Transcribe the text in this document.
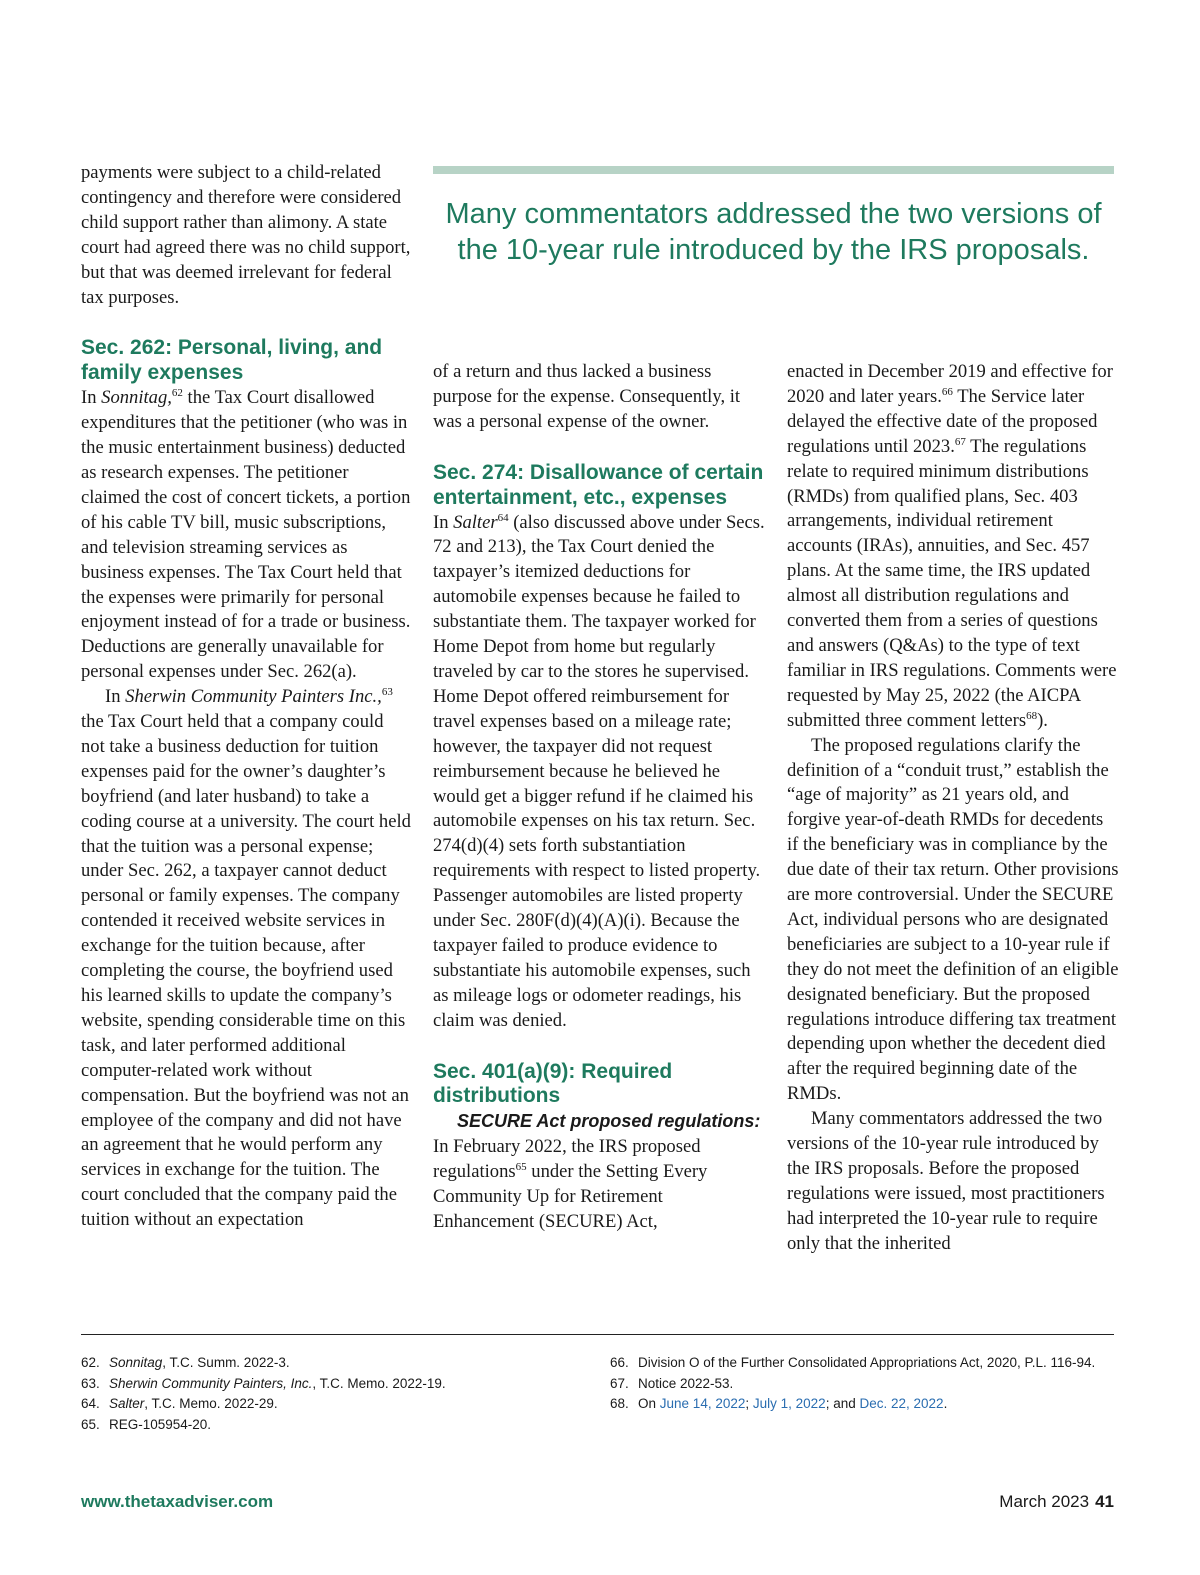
payments were subject to a child-related contingency and therefore were considered child support rather than alimony. A state court had agreed there was no child support, but that was deemed irrelevant for federal tax purposes.

Sec. 262: Personal, living, and family expenses

In Sonnitag,$^{62}$ the Tax Court disallowed expenditures that the petitioner (who was in the music entertainment business) deducted as research expenses. The petitioner claimed the cost of concert tickets, a portion of his cable TV bill, music subscriptions, and television streaming services as business expenses. The Tax Court held that the expenses were primarily for personal enjoyment instead of for a trade or business. Deductions are generally unavailable for personal expenses under Sec. 262(a).

In Sherwin Community Painters Inc.,$^{63}$ the Tax Court held that a company could not take a business deduction for tuition expenses paid for the owner’s daughter’s boyfriend (and later husband) to take a coding course at a university. The court held that the tuition was a personal expense; under Sec. 262, a taxpayer cannot deduct personal or family expenses. The company contended it received website services in exchange for the tuition because, after completing the course, the boyfriend used his learned skills to update the company’s website, spending considerable time on this task, and later performed additional computer-related work without compensation. But the boyfriend was not an employee of the company and did not have an agreement that he would perform any services in exchange for the tuition. The court concluded that the company paid the tuition without an expectation

Many commentators addressed the two versions of the 10-year rule introduced by the IRS proposals.

of a return and thus lacked a business purpose for the expense. Consequently, it was a personal expense of the owner.

Sec. 274: Disallowance of certain entertainment, etc., expenses

In Salter$^{64}$ (also discussed above under Secs. 72 and 213), the Tax Court denied the taxpayer’s itemized deductions for automobile expenses because he failed to substantiate them. The taxpayer worked for Home Depot from home but regularly traveled by car to the stores he supervised. Home Depot offered reimbursement for travel expenses based on a mileage rate; however, the taxpayer did not request reimbursement because he believed he would get a bigger refund if he claimed his automobile expenses on his tax return. Sec. 274(d)(4) sets forth substantiation requirements with respect to listed property. Passenger automobiles are listed property under Sec. 280F(d)(4)(A)(i). Because the taxpayer failed to produce evidence to substantiate his automobile expenses, such as mileage logs or odometer readings, his claim was denied.

Sec. 401(a)(9): Required distributions

SECURE Act proposed regulations: In February 2022, the IRS proposed regulations$^{65}$ under the Setting Every Community Up for Retirement Enhancement (SECURE) Act,

enacted in December 2019 and effective for 2020 and later years.$^{66}$ The Service later delayed the effective date of the proposed regulations until 2023.67 The regulations relate to required minimum distributions (RMDs) from qualified plans, Sec. 403 arrangements, individual retirement accounts (IRAs), annuities, and Sec. 457 plans. At the same time, the IRS updated almost all distribution regulations and converted them from a series of questions and answers (Q&As) to the type of text familiar in IRS regulations. Comments were requested by May 25, 2022 (the AICPA submitted three comment letters$^{68}$).

The proposed regulations clarify the definition of a “conduit trust,” establish the “age of majority” as 21 years old, and forgive year-of-death RMDs for decedents if the beneficiary was in compliance by the due date of their tax return. Other provisions are more controversial. Under the SECURE Act, individual persons who are designated beneficiaries are subject to a 10-year rule if they do not meet the definition of an eligible designated beneficiary. But the proposed regulations introduce differing tax treatment depending upon whether the decedent died after the required beginning date of the RMDs.

Many commentators addressed the two versions of the 10-year rule introduced by the IRS proposals. Before the proposed regulations were issued, most practitioners had interpreted the 10-year rule to require only that the inherited

62. Sonnitag, T.C. Summ. 2022-3.
63. Sherwin Community Painters, Inc., T.C. Memo. 2022-19.
64. Salter, T.C. Memo. 2022-29.
65. REG-105954-20.
66. Division O of the Further Consolidated Appropriations Act, 2020, P.L. 116-94.
67. Notice 2022-53.
68. On June 14, 2022; July 1, 2022; and Dec. 22, 2022.
www.thetaxadviser.com	March 2023 41
